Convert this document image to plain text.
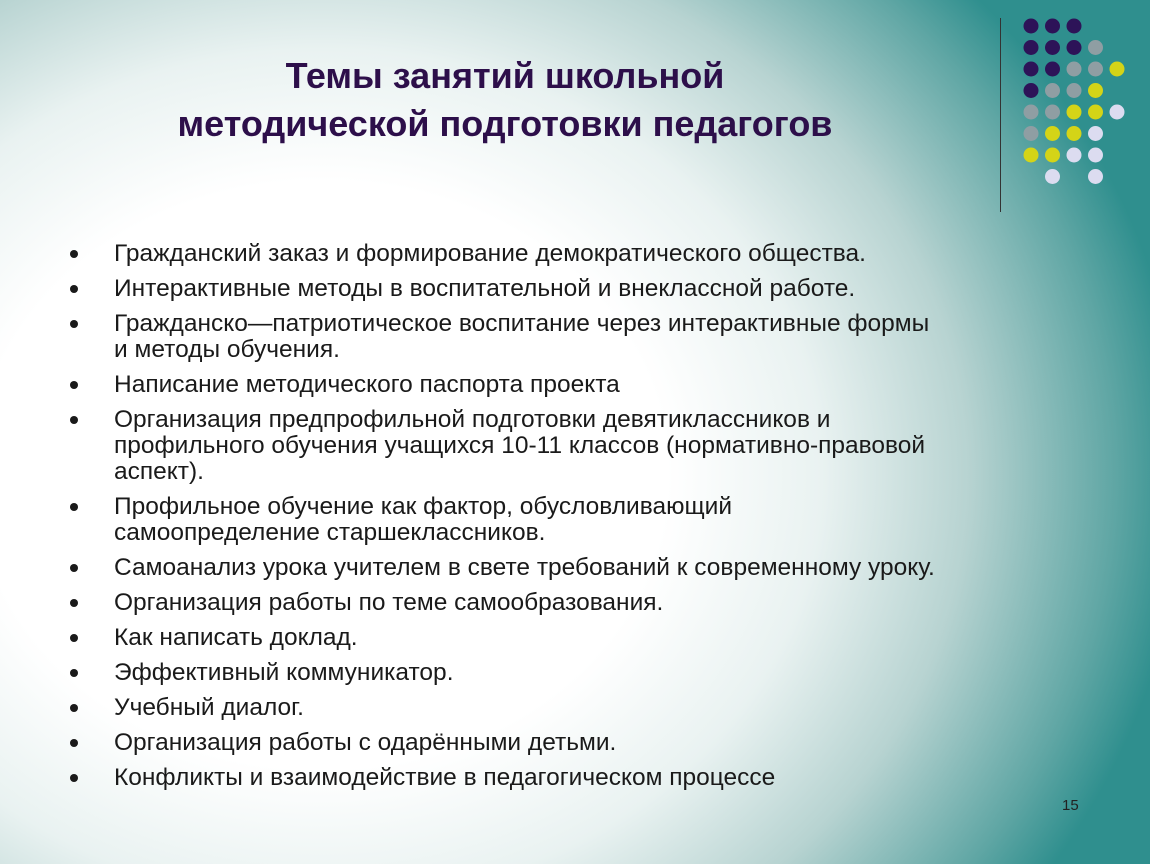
Темы занятий школьной
методической подготовки педагогов
Гражданский заказ и формирование демократического общества.
Интерактивные методы в воспитательной и внеклассной работе.
Гражданско—патриотическое воспитание через интерактивные формы
и методы обучения.
Написание методического паспорта проекта
Организация предпрофильной подготовки девятиклассников и
профильного обучения учащихся 10-11 классов (нормативно-правовой
аспект).
Профильное обучение как фактор, обусловливающий
самоопределение старшеклассников.
Самоанализ урока учителем в свете требований к современному уроку.
Организация работы по теме самообразования.
Как написать доклад.
Эффективный коммуникатор.
Учебный диалог.
Организация работы с одарёнными детьми.
Конфликты и взаимодействие в педагогическом процессе
15
